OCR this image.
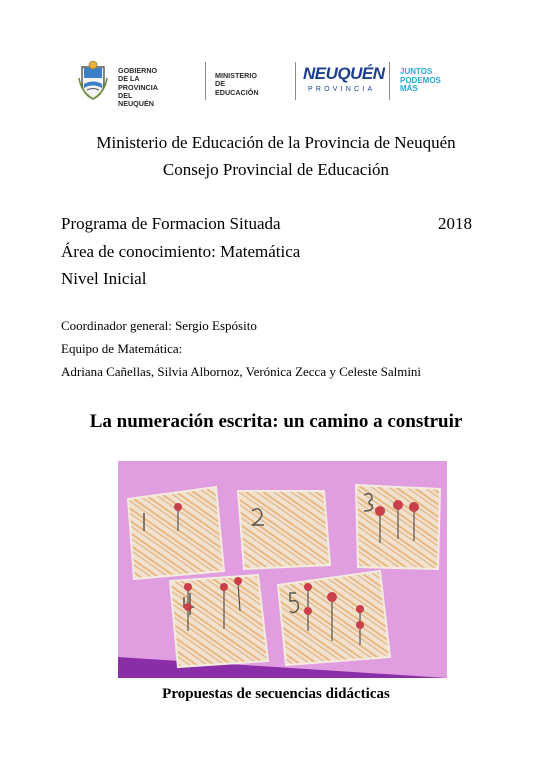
GOBIERNO
DE LA PROVINCIA
DEL NEUQUÉN
MINISTERIO
DE EDUCACIÓN
NEUQUÉN
PROVINCIA
JUNTOS
PODEMOS
MÁS
Ministerio de Educación de la Provincia de Neuquén
Consejo Provincial de Educación
Programa de Formacion Situada	2018
Área de conocimiento: Matemática
Nivel Inicial
Coordinador general: Sergio Espósito
Equipo de Matemática:
Adriana Cañellas, Silvia Albornoz, Verónica Zecca y Celeste Salmini
La numeración escrita: un camino a construir
Propuestas de secuencias didácticas
